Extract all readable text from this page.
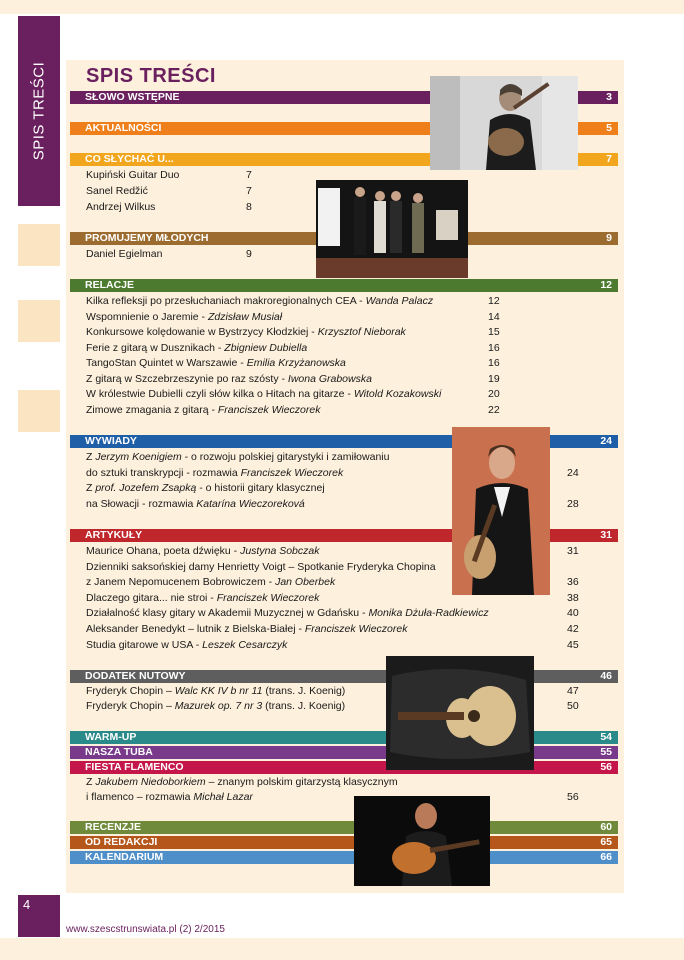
SPIS TREŚCI SPIS TREŚCI
SŁOWO WSTĘPNE	3
AKTUALNOŚCI	5
CO SŁYCHAĆ U...	7
Kupiński Guitar Duo	7
Sanel Redžić	7
Andrzej Wilkus	8
PROMUJEMY MŁODYCH	9
Daniel Egielman	9
RELACJE	12
Kilka refleksji po przesłuchaniach makroregionalnych CEA - Wanda Palacz	12
Wspomnienie o Jaremie - Zdzisław Musiał	14
Konkursowe kolędowanie w Bystrzycy Kłodzkiej - Krzysztof Nieborak	15
Ferie z gitarą w Dusznikach - Zbigniew Dubiella	16
TangoStan Quintet w Warszawie - Emilia Krzyżanowska	16
Z gitarą w Szczebrzeszynie po raz szósty - Iwona Grabowska	19
W królestwie Dubielli czyli słów kilka o Hitach na gitarze - Witold Kozakowski	20
Zimowe zmagania z gitarą - Franciszek Wieczorek	22
WYWIADY	24
Z Jerzym Koenigiem - o rozwoju polskiej gitarystyki i zamiłowaniu
do sztuki transkrypcji - rozmawia Franciszek Wieczorek	24
Z prof. Jozefem Zsapką - o historii gitary klasycznej
na Słowacji - rozmawia Katarína Wieczoreková	28
ARTYKUŁY	31
Maurice Ohana, poeta dźwięku - Justyna Sobczak	31
Dzienniki saksońskiej damy Henrietty Voigt – Spotkanie Fryderyka Chopina
z Janem Nepomucenem Bobrowiczem - Jan Oberbek	36
Dlaczego gitara... nie stroi - Franciszek Wieczorek	38
Działalność klasy gitary w Akademii Muzycznej w Gdańsku - Monika Dżuła-Radkiewicz	40
Aleksander Benedykt – lutnik z Bielska-Białej - Franciszek Wieczorek	42
Studia gitarowe w USA - Leszek Cesarczyk	45
DODATEK NUTOWY	46
Fryderyk Chopin – Walc KK IV b nr 11 (trans. J. Koenig)	47
Fryderyk Chopin – Mazurek op. 7 nr 3 (trans. J. Koenig)	50
WARM-UP	54
NASZA TUBA	55
FIESTA FLAMENCO	56
Z Jakubem Niedoborkiem – znanym polskim gitarzystą klasycznym
i flamenco – rozmawia Michał Lazar	56
RECENZJE	60
OD REDAKCJI	65
KALENDARIUM	66
4
www.szescstrunswiata.pl (2) 2/2015
